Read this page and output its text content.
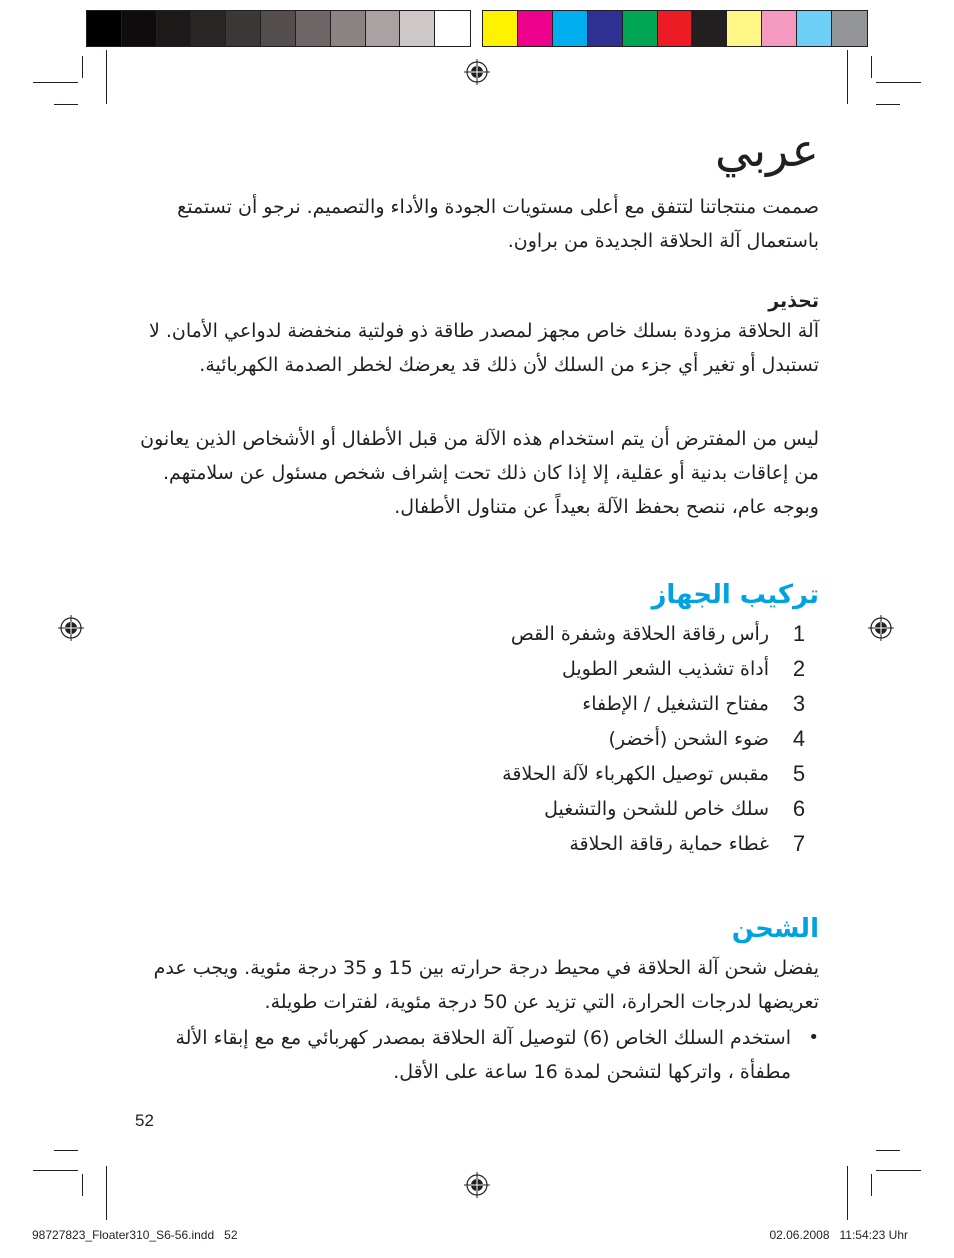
عربي

صممت منتجاتنا لتتفق مع أعلى مستويات الجودة والأداء والتصميم. نرجو أن تستمتع باستعمال آلة الحلاقة الجديدة من براون.

تحذير

آلة الحلاقة مزودة بسلك خاص مجهز لمصدر طاقة ذو فولتية منخفضة لدواعي الأمان. لا تستبدل أو تغير أي جزء من السلك لأن ذلك قد يعرضك لخطر الصدمة الكهربائية.

ليس من المفترض أن يتم استخدام هذه الآلة من قبل الأطفال أو الأشخاص الذين يعانون من إعاقات بدنية أو عقلية، إلا إذا كان ذلك تحت إشراف شخص مسئول عن سلامتهم. وبوجه عام، ننصح بحفظ الآلة بعيداً عن متناول الأطفال.

تركيب الجهاز
1
رأس رقاقة الحلاقة وشفرة القص
2
أداة تشذيب الشعر الطويل
3
مفتاح التشغيل / الإطفاء
4
ضوء الشحن (أخضر)
5
مقبس توصيل الكهرباء لآلة الحلاقة
6
سلك خاص للشحن والتشغيل
7
غطاء حماية رقاقة الحلاقة
الشحن

يفضل شحن آلة الحلاقة في محيط درجة حرارته بين 15 و 35 درجة مئوية. ويجب عدم تعريضها لدرجات الحرارة، التي تزيد عن 50 درجة مئوية، لفترات طويلة.

•
استخدم السلك الخاص (6) لتوصيل آلة الحلاقة بمصدر كهربائي مع مع إبقاء الألة مطفأة ، واتركها لتشحن لمدة 16 ساعة على الأقل.
52
98727823_Floater310_S6-56.indd   52	02.06.2008   11:54:23 Uhr
